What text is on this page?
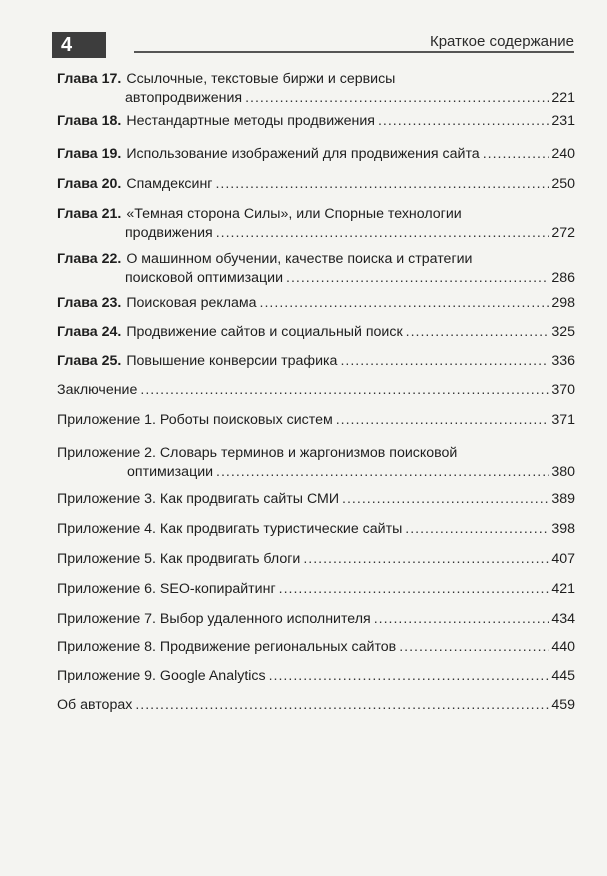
4	Краткое содержание
Глава 17. Ссылочные, текстовые биржи и сервисы
автопродвижения .....	221
Глава 18. Нестандартные методы продвижения .....	231
Глава 19. Использование изображений для продвижения сайта .....	240
Глава 20. Спамдексинг .....	250
Глава 21. «Темная сторона Силы», или Спорные технологии
продвижения .....	272
Глава 22. О машинном обучении, качестве поиска и стратегии
поисковой оптимизации .....	286
Глава 23. Поисковая реклама .....	298
Глава 24. Продвижение сайтов и социальный поиск .....	325
Глава 25. Повышение конверсии трафика .....	336
Заключение .....	370
Приложение 1. Роботы поисковых систем .....	371
Приложение 2. Словарь терминов и жаргонизмов поисковой
оптимизации .....	380
Приложение 3. Как продвигать сайты СМИ .....	389
Приложение 4. Как продвигать туристические сайты .....	398
Приложение 5. Как продвигать блоги .....	407
Приложение 6. SEO-копирайтинг .....	421
Приложение 7. Выбор удаленного исполнителя .....	434
Приложение 8. Продвижение региональных сайтов .....	440
Приложение 9. Google Analytics .....	445
Об авторах .....	459
